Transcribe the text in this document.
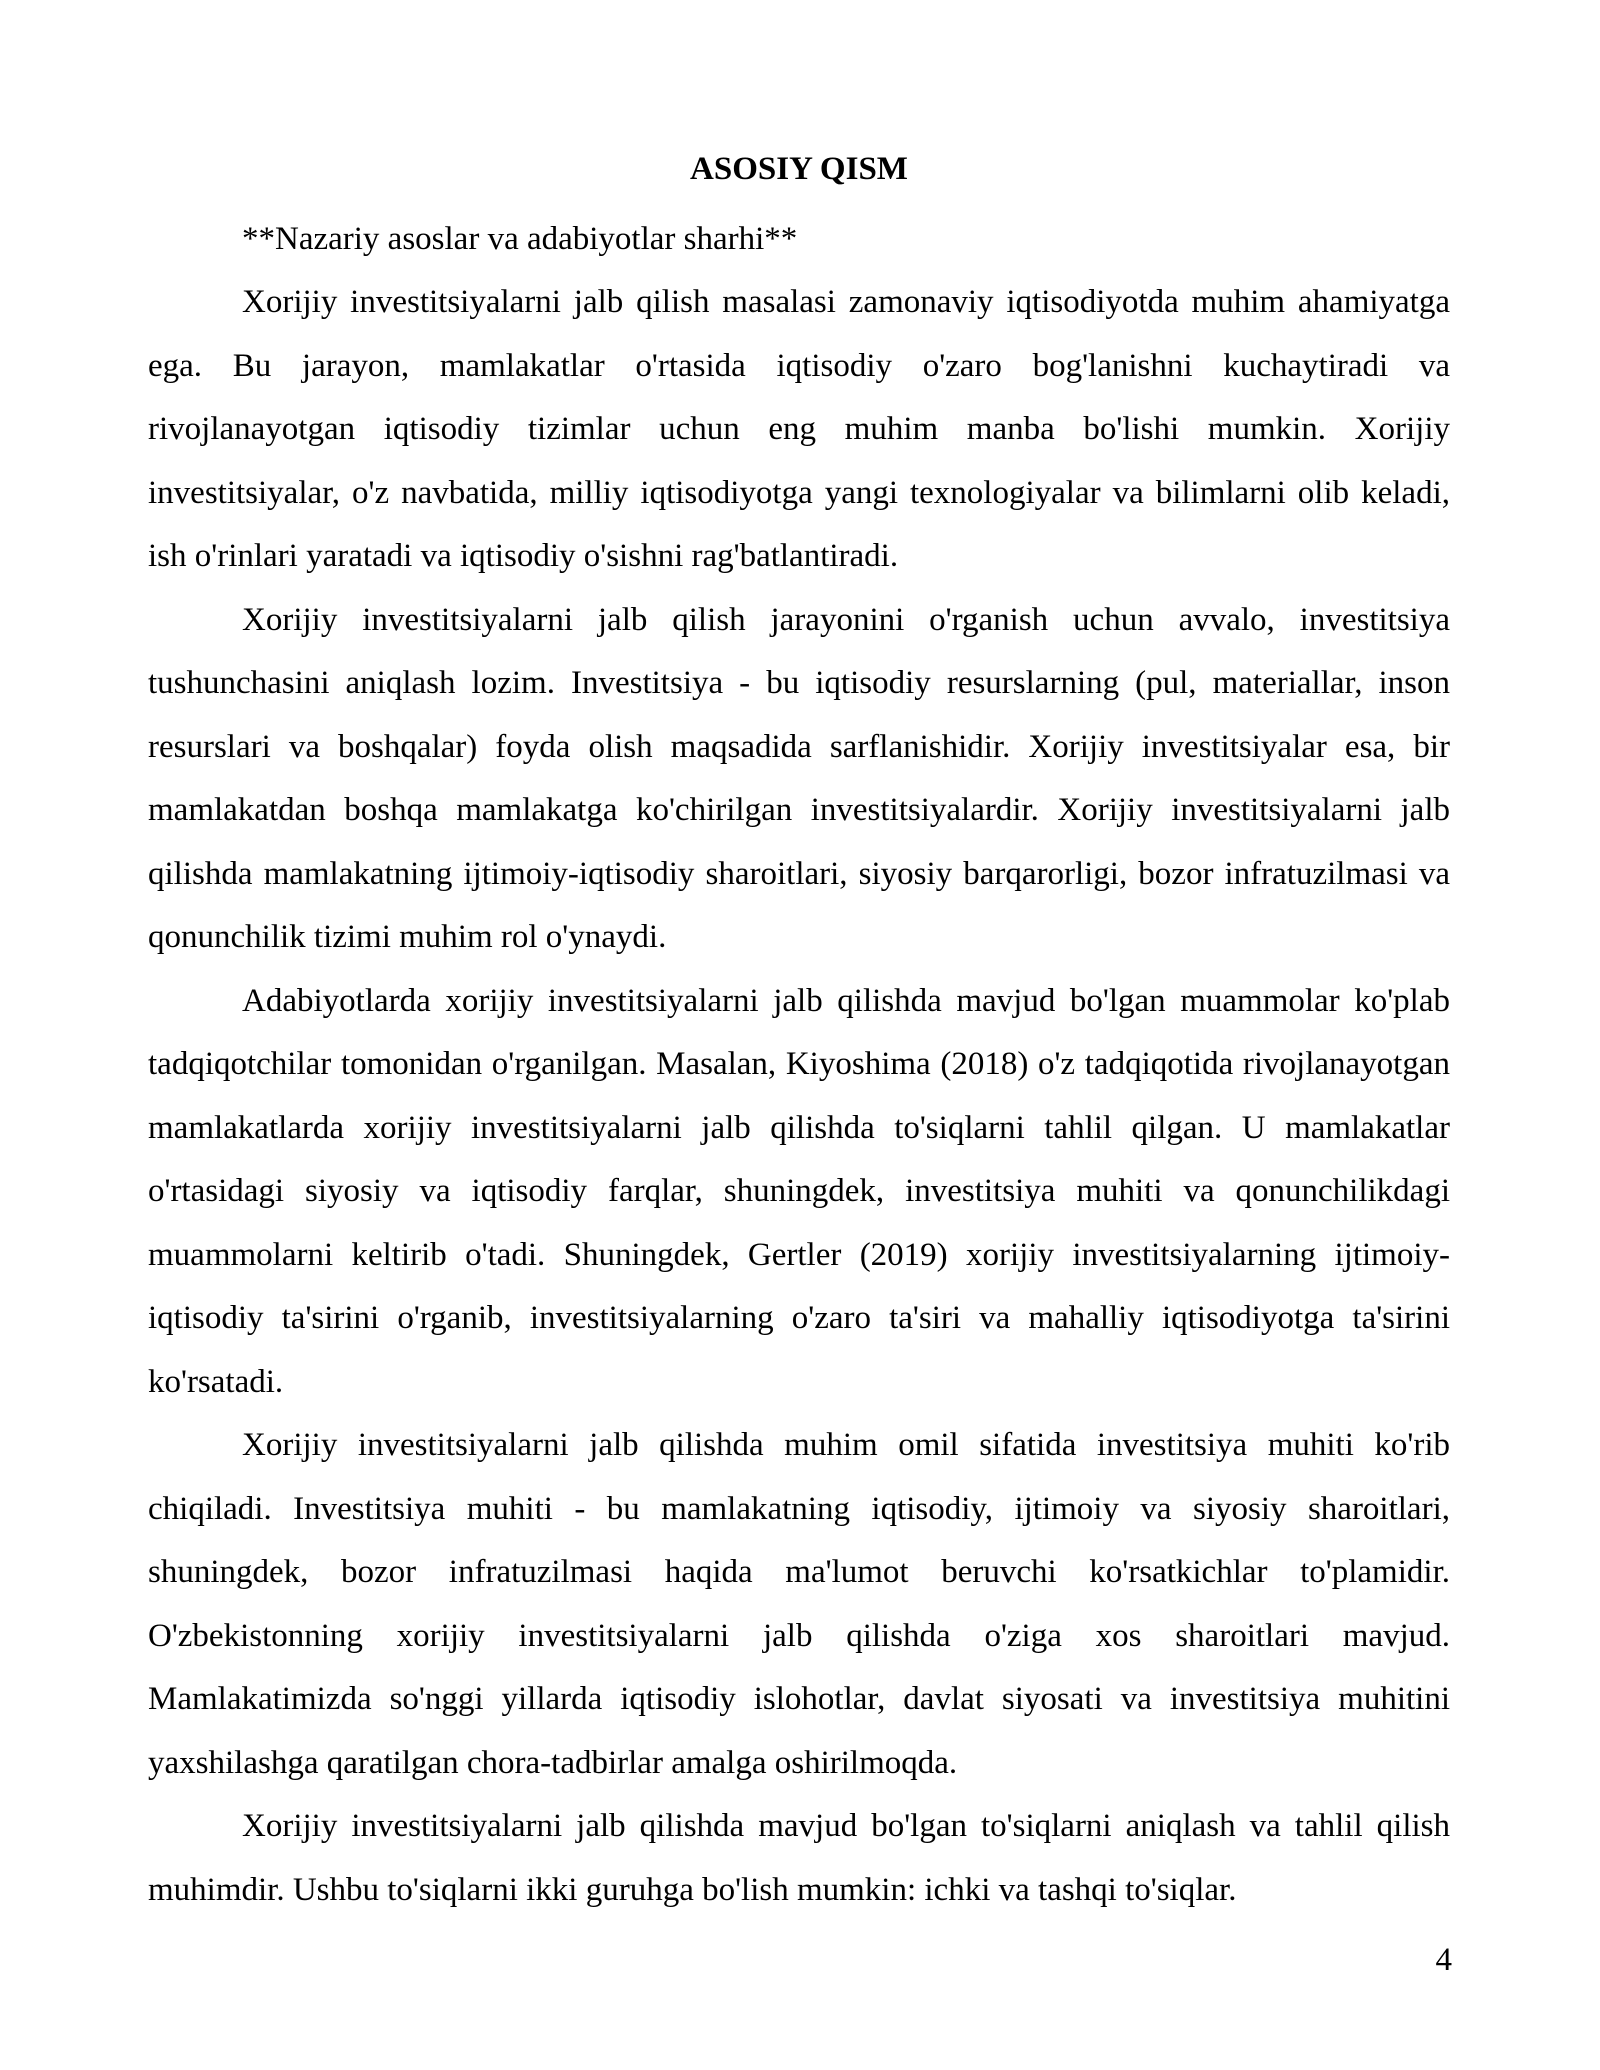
ASOSIY QISM

**Nazariy asoslar va adabiyotlar sharhi**

Xorijiy investitsiyalarni jalb qilish masalasi zamonaviy iqtisodiyotda muhim ahamiyatga ega. Bu jarayon, mamlakatlar o'rtasida iqtisodiy o'zaro bog'lanishni kuchaytiradi va rivojlanayotgan iqtisodiy tizimlar uchun eng muhim manba bo'lishi mumkin. Xorijiy investitsiyalar, o'z navbatida, milliy iqtisodiyotga yangi texnologiyalar va bilimlarni olib keladi, ish o'rinlari yaratadi va iqtisodiy o'sishni rag'batlantiradi.

Xorijiy investitsiyalarni jalb qilish jarayonini o'rganish uchun avvalo, investitsiya tushunchasini aniqlash lozim. Investitsiya - bu iqtisodiy resurslarning (pul, materiallar, inson resurslari va boshqalar) foyda olish maqsadida sarflanishidir. Xorijiy investitsiyalar esa, bir mamlakatdan boshqa mamlakatga ko'chirilgan investitsiyalardir. Xorijiy investitsiyalarni jalb qilishda mamlakatning ijtimoiy-iqtisodiy sharoitlari, siyosiy barqarorligi, bozor infratuzilmasi va qonunchilik tizimi muhim rol o'ynaydi.

Adabiyotlarda xorijiy investitsiyalarni jalb qilishda mavjud bo'lgan muammolar ko'plab tadqiqotchilar tomonidan o'rganilgan. Masalan, Kiyoshima (2018) o'z tadqiqotida rivojlanayotgan mamlakatlarda xorijiy investitsiyalarni jalb qilishda to'siqlarni tahlil qilgan. U mamlakatlar o'rtasidagi siyosiy va iqtisodiy farqlar, shuningdek, investitsiya muhiti va qonunchilikdagi muammolarni keltirib o'tadi. Shuningdek, Gertler (2019) xorijiy investitsiyalarning ijtimoiy-iqtisodiy ta'sirini o'rganib, investitsiyalarning o'zaro ta'siri va mahalliy iqtisodiyotga ta'sirini ko'rsatadi.

Xorijiy investitsiyalarni jalb qilishda muhim omil sifatida investitsiya muhiti ko'rib chiqiladi. Investitsiya muhiti - bu mamlakatning iqtisodiy, ijtimoiy va siyosiy sharoitlari, shuningdek, bozor infratuzilmasi haqida ma'lumot beruvchi ko'rsatkichlar to'plamidir. O'zbekistonning xorijiy investitsiyalarni jalb qilishda o'ziga xos sharoitlari mavjud. Mamlakatimizda so'nggi yillarda iqtisodiy islohotlar, davlat siyosati va investitsiya muhitini yaxshilashga qaratilgan chora-tadbirlar amalga oshirilmoqda.

Xorijiy investitsiyalarni jalb qilishda mavjud bo'lgan to'siqlarni aniqlash va tahlil qilish muhimdir. Ushbu to'siqlarni ikki guruhga bo'lish mumkin: ichki va tashqi to'siqlar.

4
